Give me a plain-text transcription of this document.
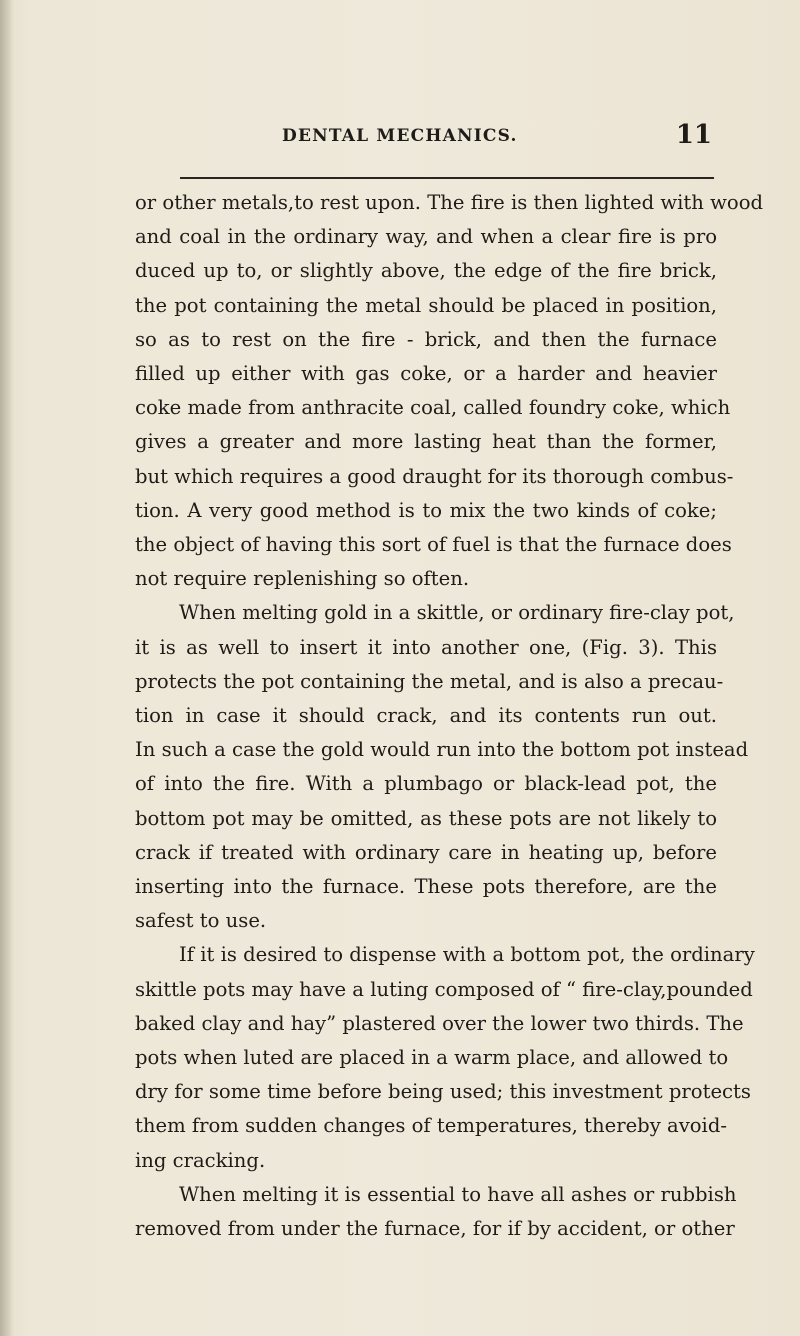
DENTAL MECHANICS.	11
or other metals,to rest upon. The fire is then lighted with wood
and coal in the ordinary way, and when a clear fire is pro
duced up to, or slightly above, the edge of the fire brick,
the pot containing the metal should be placed in position,
so as to rest on the fire - brick, and then the furnace
filled up either with gas coke, or a harder and heavier
coke made from anthracite coal, called foundry coke, which
gives a greater and more lasting heat than the former,
but which requires a good draught for its thorough combus-
tion. A very good method is to mix the two kinds of coke;
the object of having this sort of fuel is that the furnace does
not require replenishing so often.
When melting gold in a skittle, or ordinary fire-clay pot,
it is as well to insert it into another one, (Fig. 3). This
protects the pot containing the metal, and is also a precau-
tion in case it should crack, and its contents run out.
In such a case the gold would run into the bottom pot instead
of into the fire. With a plumbago or black-lead pot, the
bottom pot may be omitted, as these pots are not likely to
crack if treated with ordinary care in heating up, before
inserting into the furnace. These pots therefore, are the
safest to use.
If it is desired to dispense with a bottom pot, the ordinary
skittle pots may have a luting composed of “ fire-clay,pounded
baked clay and hay” plastered over the lower two thirds. The
pots when luted are placed in a warm place, and allowed to
dry for some time before being used; this investment protects
them from sudden changes of temperatures, thereby avoid-
ing cracking.
When melting it is essential to have all ashes or rubbish
removed from under the furnace, for if by accident, or other
